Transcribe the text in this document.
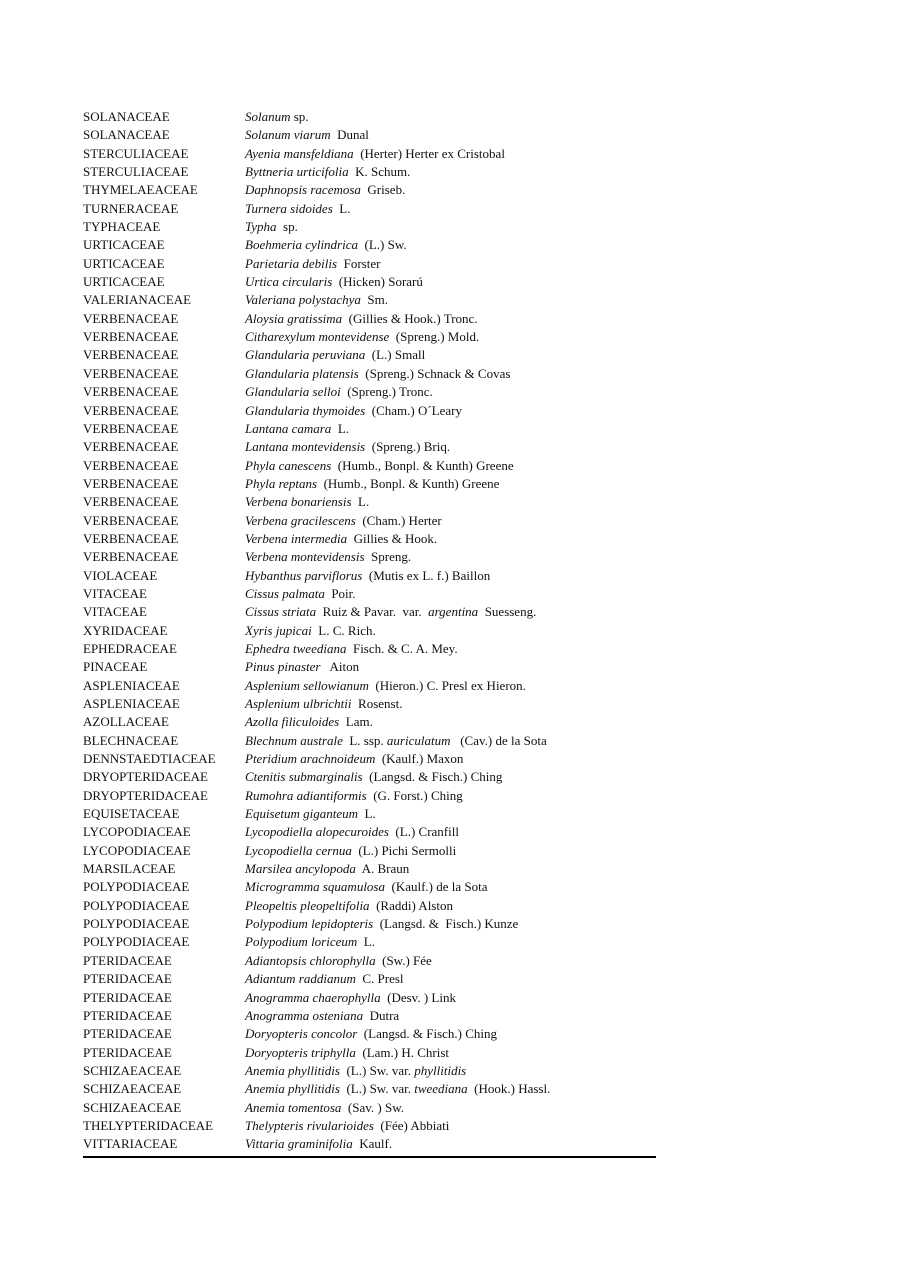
SOLANACEAE	Solanum sp.
SOLANACEAE	Solanum viarum  Dunal
STERCULIACEAE	Ayenia mansfeldiana  (Herter) Herter ex Cristobal
STERCULIACEAE	Byttneria urticifolia  K. Schum.
THYMELAEACEAE	Daphnopsis racemosa  Griseb.
TURNERACEAE	Turnera sidoides  L.
TYPHACEAE	Typha  sp.
URTICACEAE	Boehmeria cylindrica  (L.) Sw.
URTICACEAE	Parietaria debilis  Forster
URTICACEAE	Urtica circularis  (Hicken) Sorarú
VALERIANACEAE	Valeriana polystachya  Sm.
VERBENACEAE	Aloysia gratissima  (Gillies & Hook.) Tronc.
VERBENACEAE	Citharexylum montevidense  (Spreng.) Mold.
VERBENACEAE	Glandularia peruviana  (L.) Small
VERBENACEAE	Glandularia platensis  (Spreng.) Schnack & Covas
VERBENACEAE	Glandularia selloi  (Spreng.) Tronc.
VERBENACEAE	Glandularia thymoides  (Cham.) O´Leary
VERBENACEAE	Lantana camara  L.
VERBENACEAE	Lantana montevidensis  (Spreng.) Briq.
VERBENACEAE	Phyla canescens  (Humb., Bonpl. & Kunth) Greene
VERBENACEAE	Phyla reptans  (Humb., Bonpl. & Kunth) Greene
VERBENACEAE	Verbena bonariensis  L.
VERBENACEAE	Verbena gracilescens  (Cham.) Herter
VERBENACEAE	Verbena intermedia  Gillies & Hook.
VERBENACEAE	Verbena montevidensis  Spreng.
VIOLACEAE	Hybanthus parviflorus  (Mutis ex L. f.) Baillon
VITACEAE	Cissus palmata  Poir.
VITACEAE	Cissus striata  Ruiz & Pavar.  var.  argentina  Suesseng.
XYRIDACEAE	Xyris jupicai  L. C. Rich.
EPHEDRACEAE	Ephedra tweediana  Fisch. & C. A. Mey.
PINACEAE	Pinus pinaster   Aiton
ASPLENIACEAE	Asplenium sellowianum  (Hieron.) C. Presl ex Hieron.
ASPLENIACEAE	Asplenium ulbrichtii  Rosenst.
AZOLLACEAE	Azolla filiculoides  Lam.
BLECHNACEAE	Blechnum australe  L. ssp. auriculatum   (Cav.) de la Sota
DENNSTAEDTIACEAE	Pteridium arachnoideum  (Kaulf.) Maxon
DRYOPTERIDACEAE	Ctenitis submarginalis  (Langsd. & Fisch.) Ching
DRYOPTERIDACEAE	Rumohra adiantiformis  (G. Forst.) Ching
EQUISETACEAE	Equisetum giganteum  L.
LYCOPODIACEAE	Lycopodiella alopecuroides  (L.) Cranfill
LYCOPODIACEAE	Lycopodiella cernua  (L.) Pichi Sermolli
MARSILACEAE	Marsilea ancylopoda  A. Braun
POLYPODIACEAE	Microgramma squamulosa  (Kaulf.) de la Sota
POLYPODIACEAE	Pleopeltis pleopeltifolia  (Raddi) Alston
POLYPODIACEAE	Polypodium lepidopteris  (Langsd. &  Fisch.) Kunze
POLYPODIACEAE	Polypodium loriceum  L.
PTERIDACEAE	Adiantopsis chlorophylla  (Sw.) Fée
PTERIDACEAE	Adiantum raddianum  C. Presl
PTERIDACEAE	Anogramma chaerophylla  (Desv. ) Link
PTERIDACEAE	Anogramma osteniana  Dutra
PTERIDACEAE	Doryopteris concolor  (Langsd. & Fisch.) Ching
PTERIDACEAE	Doryopteris triphylla  (Lam.) H. Christ
SCHIZAEACEAE	Anemia phyllitidis  (L.) Sw. var. phyllitidis
SCHIZAEACEAE	Anemia phyllitidis  (L.) Sw. var. tweediana  (Hook.) Hassl.
SCHIZAEACEAE	Anemia tomentosa  (Sav. ) Sw.
THELYPTERIDACEAE	Thelypteris rivularioides  (Fée) Abbiati
VITTARIACEAE	Vittaria graminifolia  Kaulf.
